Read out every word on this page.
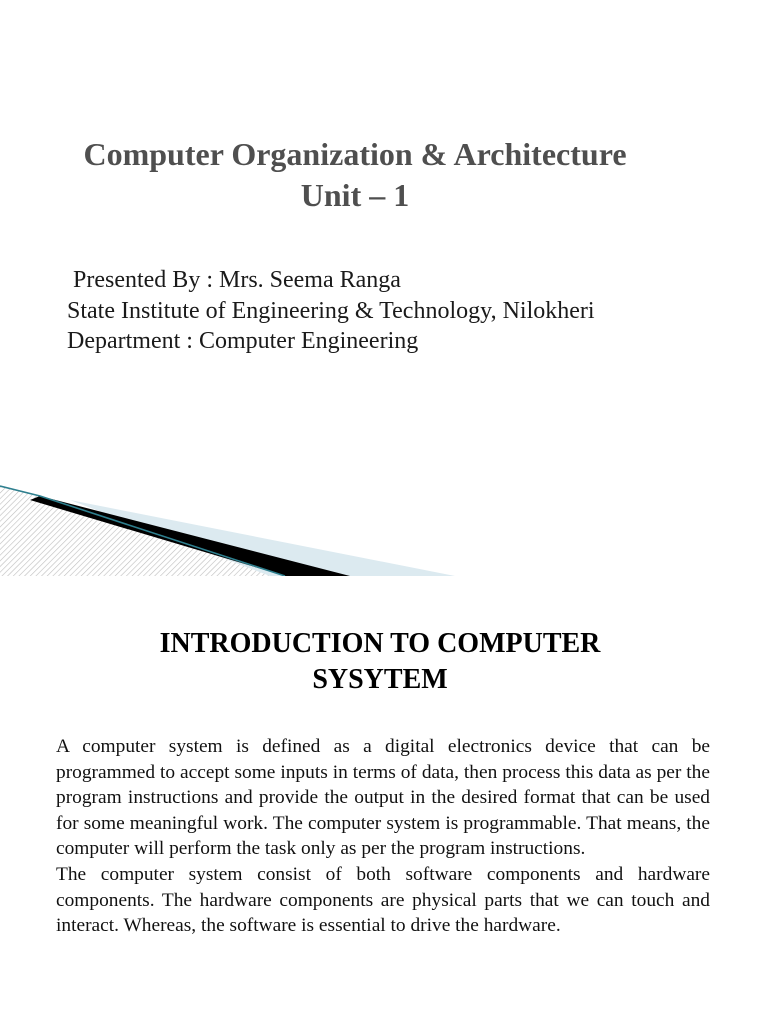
Computer Organization & Architecture
Unit – 1
Presented By : Mrs. Seema Ranga
State Institute of Engineering & Technology, Nilokheri
Department : Computer Engineering
INTRODUCTION TO COMPUTER
SYSYTEM

A computer system is defined as a digital electronics device that can be programmed to accept some inputs in terms of data, then process this data as per the program instructions and provide the output in the desired format that can be used for some meaningful work. The computer system is programmable. That means, the computer will perform the task only as per the program instructions.

The computer system consist of both software components and hardware components. The hardware components are physical parts that we can touch and interact. Whereas, the software is essential to drive the hardware.
